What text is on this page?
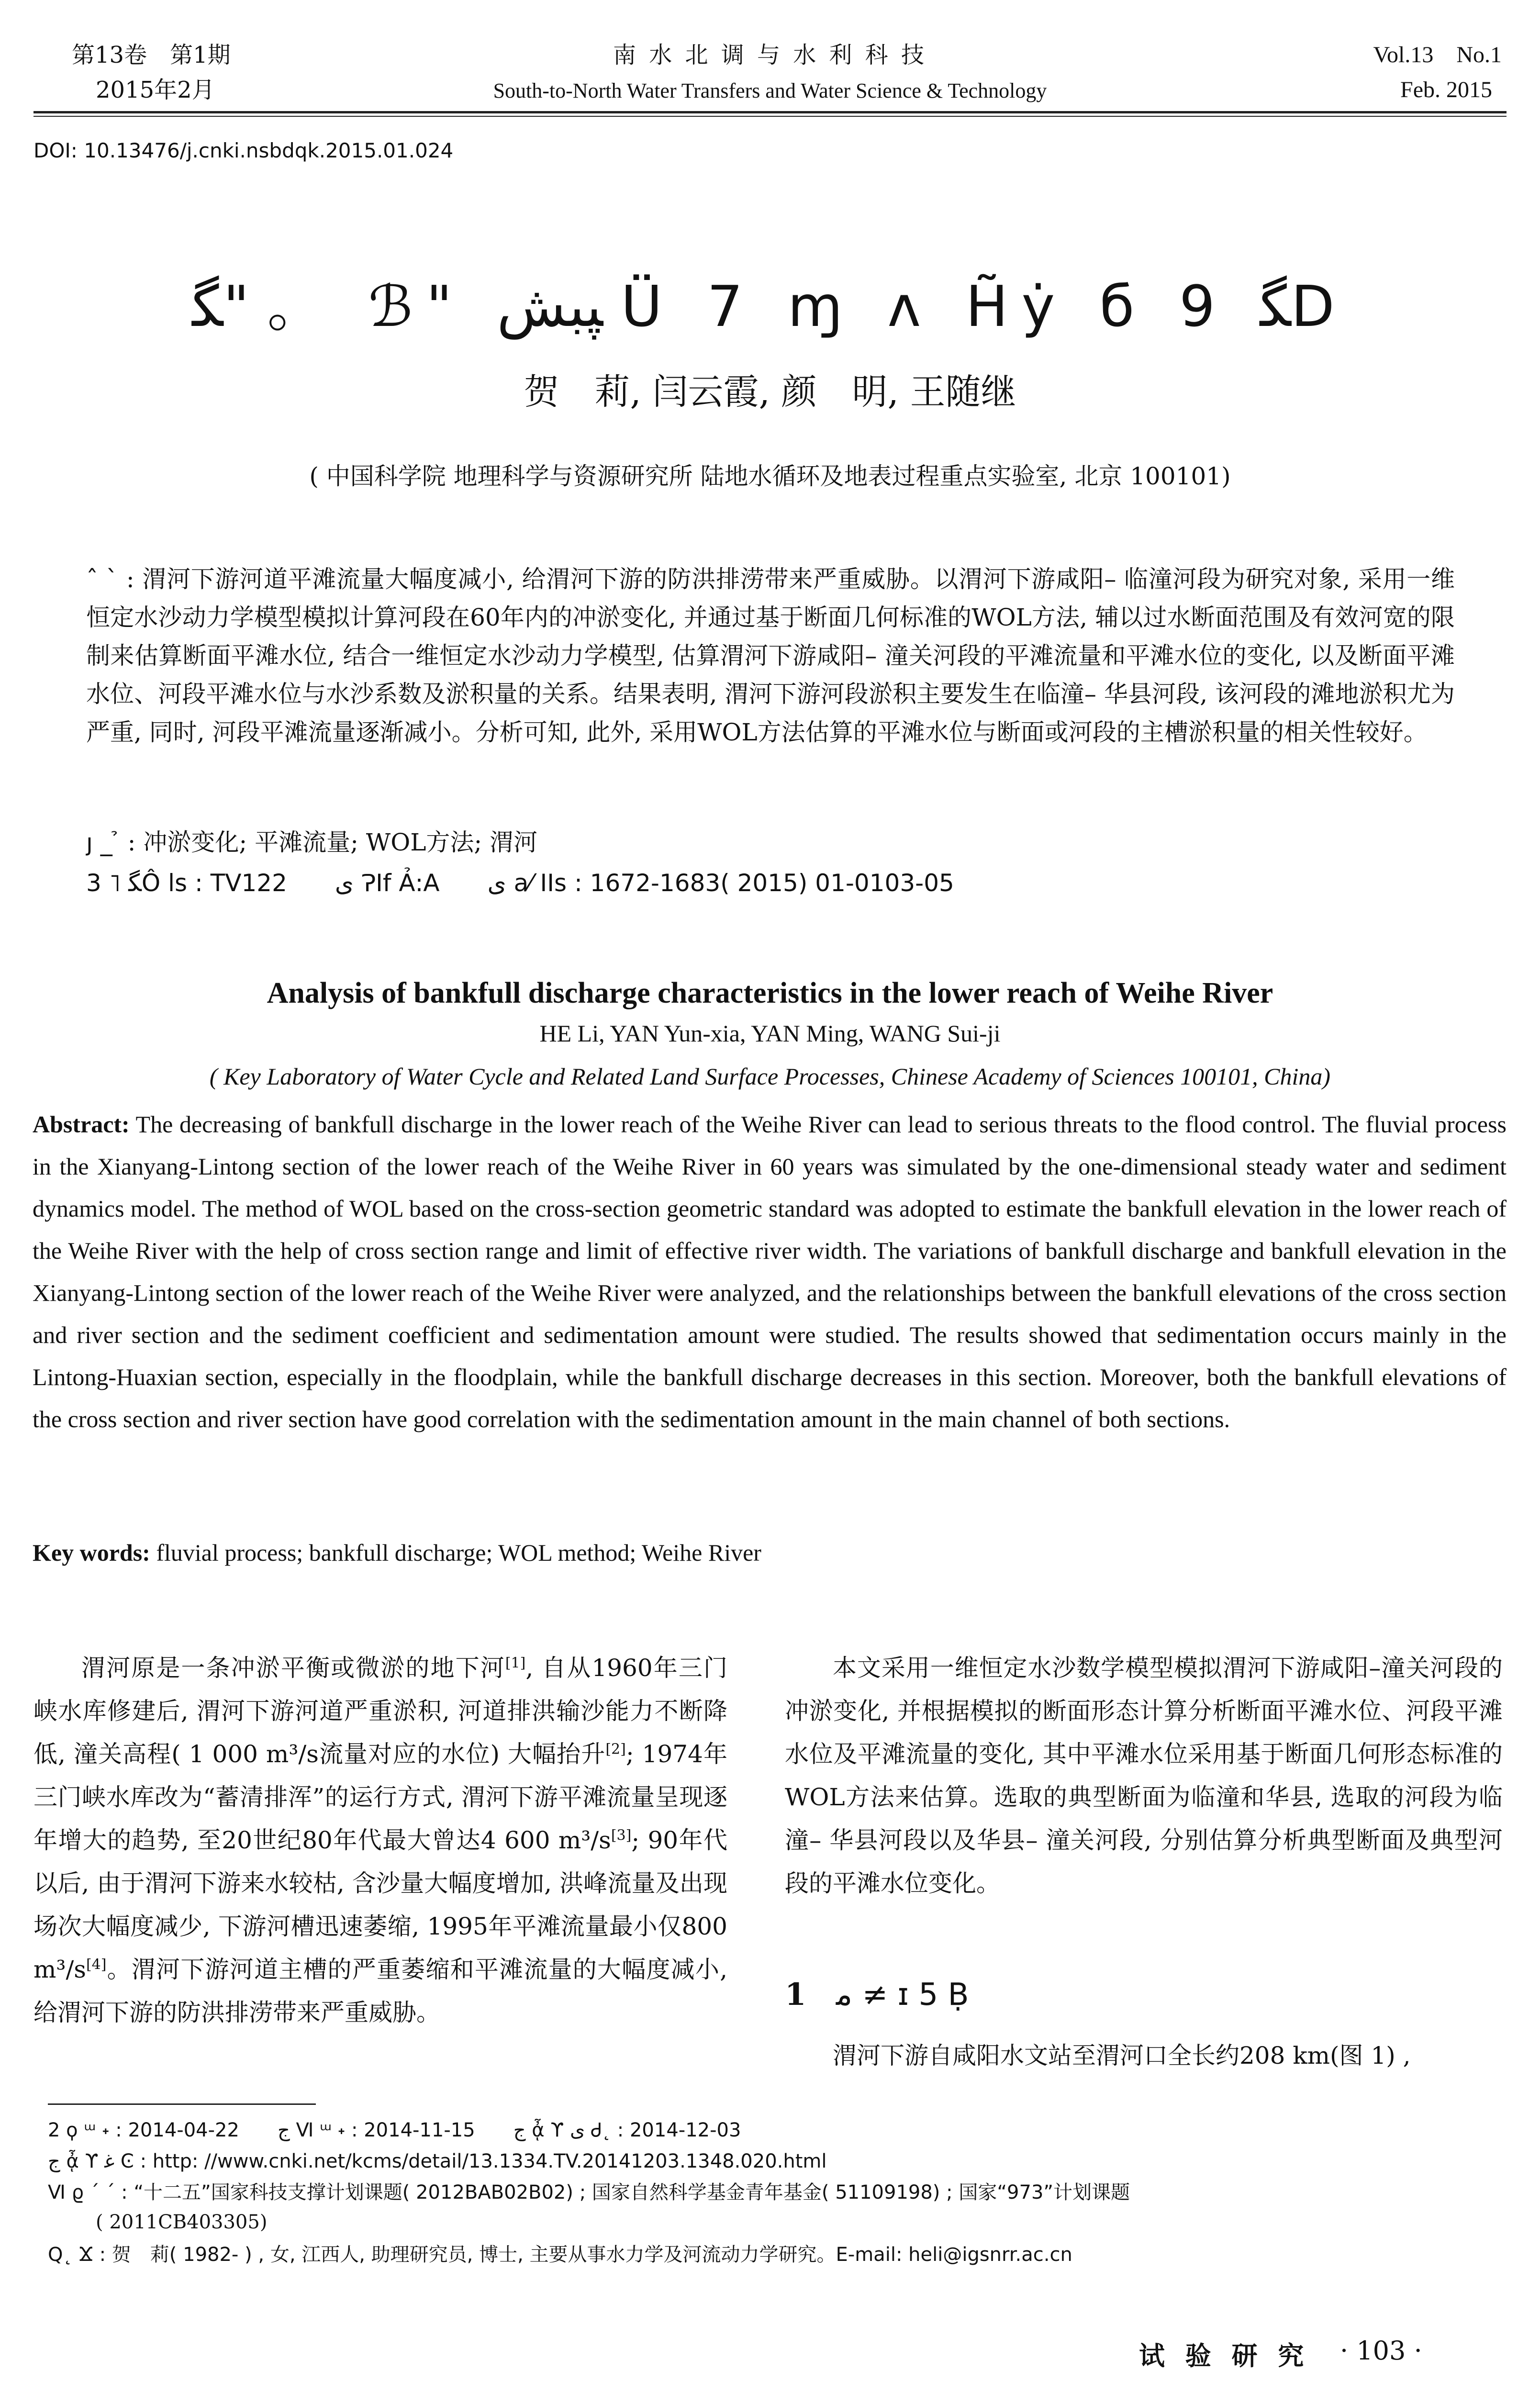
第13卷　第1期
2015年2月
南 水 北 调 与 水 利 科 技
South-to-North Water Transfers and Water Science & Technology
Vol.13　No.1
Feb. 2015
DOI: 10.13476/j.cnki.nsbdqk.2015.01.024
ﮕ" 。 ℬ" ﭙﺒﺶ Ü 7 ɱ ʌ H̃ẏ б 9 ﮕD
贺　莉, 闫云霞, 颜　明, 王随继
( 中国科学院 地理科学与资源研究所 陆地水循环及地表过程重点实验室, 北京 100101)
ˆ ˋ : 渭河下游河道平滩流量大幅度减小, 给渭河下游的防洪排涝带来严重威胁。以渭河下游咸阳– 临潼河段为研究对象, 采用一维恒定水沙动力学模型模拟计算河段在60年内的冲淤变化, 并通过基于断面几何标准的WOL方法, 辅以过水断面范围及有效河宽的限制来估算断面平滩水位, 结合一维恒定水沙动力学模型, 估算渭河下游咸阳– 潼关河段的平滩流量和平滩水位的变化, 以及断面平滩水位、河段平滩水位与水沙系数及淤积量的关系。结果表明, 渭河下游河段淤积主要发生在临潼– 华县河段, 该河段的滩地淤积尤为严重, 同时, 河段平滩流量逐渐减小。分析可知, 此外, 采用WOL方法估算的平滩水位与断面或河段的主槽淤积量的相关性较好。
ȷ _ ̉ : 冲淤变化; 平滩流量; WOL方法; 渭河
3 ˥ ﮕÔ ls : TV122　　ى ɁⅠf Ả:A　　ى a⁄ ⅠIs : 1672-1683( 2015) 01-0103-05
Analysis of bankfull discharge characteristics in the lower reach of Weihe River
HE Li, YAN Yun-xia, YAN Ming, WANG Sui-ji
( Key Laboratory of Water Cycle and Related Land Surface Processes, Chinese Academy of Sciences 100101, China)
Abstract: The decreasing of bankfull discharge in the lower reach of the Weihe River can lead to serious threats to the flood control. The fluvial process in the Xianyang-Lintong section of the lower reach of the Weihe River in 60 years was simulated by the one-dimensional steady water and sediment dynamics model. The method of WOL based on the cross-section geometric standard was adopted to estimate the bankfull elevation in the lower reach of the Weihe River with the help of cross section range and limit of effective river width. The variations of bankfull discharge and bankfull elevation in the Xianyang-Lintong section of the lower reach of the Weihe River were analyzed, and the relationships between the bankfull elevations of the cross section and river section and the sediment coefficient and sedimentation amount were studied. The results showed that sedimentation occurs mainly in the Lintong-Huaxian section, especially in the floodplain, while the bankfull discharge decreases in this section. Moreover, both the bankfull elevations of the cross section and river section have good correlation with the sedimentation amount in the main channel of both sections.
Key words: fluvial process; bankfull discharge; WOL method; Weihe River
渭河原是一条冲淤平衡或微淤的地下河[1], 自从1960年三门峡水库修建后, 渭河下游河道严重淤积, 河道排洪输沙能力不断降低, 潼关高程( 1 000 m³/s流量对应的水位) 大幅抬升[2]; 1974年三门峡水库改为“蓄清排浑”的运行方式, 渭河下游平滩流量呈现逐年增大的趋势, 至20世纪80年代最大曾达4 600 m³/s[3]; 90年代以后, 由于渭河下游来水较枯, 含沙量大幅度增加, 洪峰流量及出现场次大幅度减少, 下游河槽迅速萎缩, 1995年平滩流量最小仅800 m³/s[4]。渭河下游河道主槽的严重萎缩和平滩流量的大幅度减小, 给渭河下游的防洪排涝带来严重威胁。
本文采用一维恒定水沙数学模型模拟渭河下游咸阳–潼关河段的冲淤变化, 并根据模拟的断面形态计算分析断面平滩水位、河段平滩水位及平滩流量的变化, 其中平滩水位采用基于断面几何形态标准的WOL方法来估算。选取的典型断面为临潼和华县, 选取的河段为临潼– 华县河段以及华县– 潼关河段, 分别估算分析典型断面及典型河段的平滩水位变化。
1 ﻣ ≠ ɪ 5 Ḅ
渭河下游自咸阳水文站至渭河口全长约208 km(图 1) ,
2 ϙ ᵚ ˖ : 2014-04-22　　ﺝ Ⅵ ᵚ ˖ : 2014-11-15　　ج ᾆ ϒ ى Ꮷ˛ : 2014-12-03
ج ᾆ ϒ ﻏ Ͼ : http: //www.cnki.net/kcms/detail/13.1334.TV.20141203.1348.020.html
Ⅵ ϱ ˊ ˊ : “十二五”国家科技支撑计划课题( 2012BAB02B02) ; 国家自然科学基金青年基金( 51109198) ; 国家“973”计划课题
( 2011CB403305)
Q˛ Ϫ : 贺　莉( 1982- ) , 女, 江西人, 助理研究员, 博士, 主要从事水力学及河流动力学研究。E-mail: heli@igsnrr.ac.cn
试 验 研 究 · 103 ·
